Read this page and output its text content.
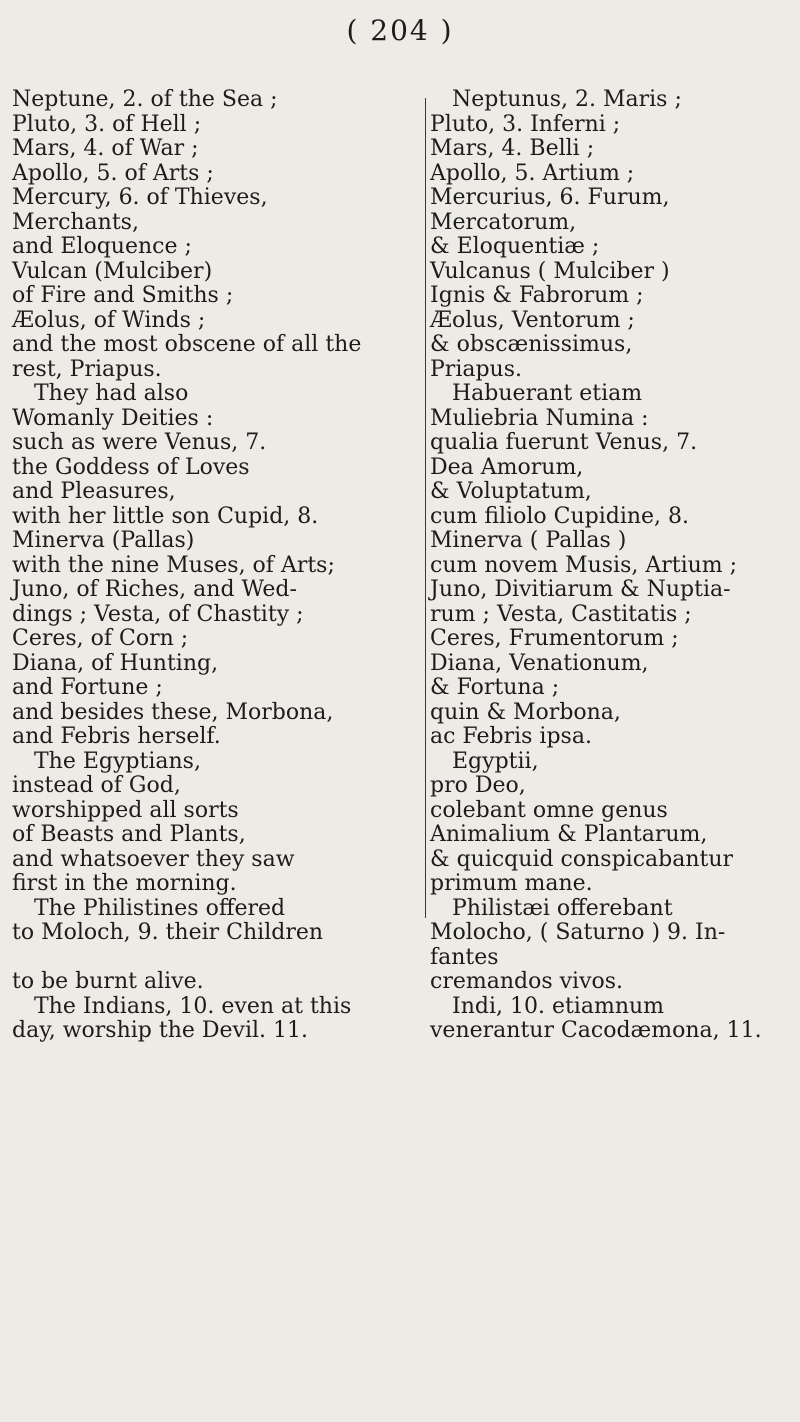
( 204 )
Neptune, 2. of the Sea ;
Pluto, 3. of Hell ;
Mars, 4. of War ;
Apollo, 5. of Arts ;
Mercury, 6. of Thieves,
Merchants,
and Eloquence ;
Vulcan (Mulciber)
of Fire and Smiths ;
Æolus, of Winds ;
and the most obscene of all the
rest, Priapus.
They had also
Womanly Deities :
such as were Venus, 7.
the Goddess of Loves
and Pleasures,
with her little son Cupid, 8.
Minerva (Pallas)
with the nine Muses, of Arts;
Juno, of Riches, and Wed-
dings ; Vesta, of Chastity ;
Ceres, of Corn ;
Diana, of Hunting,
and Fortune ;
and besides these, Morbona,
and Febris herself.
The Egyptians,
instead of God,
worshipped all sorts
of Beasts and Plants,
and whatsoever they saw
first in the morning.
The Philistines offered
to Moloch, 9. their Children
to be burnt alive.
The Indians, 10. even at this
day, worship the Devil. 11.
Neptunus, 2. Maris ;
Pluto, 3. Inferni ;
Mars, 4. Belli ;
Apollo, 5. Artium ;
Mercurius, 6. Furum,
Mercatorum,
& Eloquentiæ ;
Vulcanus ( Mulciber )
Ignis & Fabrorum ;
Æolus, Ventorum ;
& obscænissimus,
Priapus.
Habuerant etiam
Muliebria Numina :
qualia fuerunt Venus, 7.
Dea Amorum,
& Voluptatum,
cum filiolo Cupidine, 8.
Minerva ( Pallas )
cum novem Musis, Artium ;
Juno, Divitiarum & Nuptia-
rum ; Vesta, Castitatis ;
Ceres, Frumentorum ;
Diana, Venationum,
& Fortuna ;
quin & Morbona,
ac Febris ipsa.
Egyptii,
pro Deo,
colebant omne genus
Animalium & Plantarum,
& quicquid conspicabantur
primum mane.
Philistæi offerebant
Molocho, ( Saturno ) 9. In-
fantes
cremandos vivos.
Indi, 10. etiamnum
venerantur Cacodæmona, 11.
